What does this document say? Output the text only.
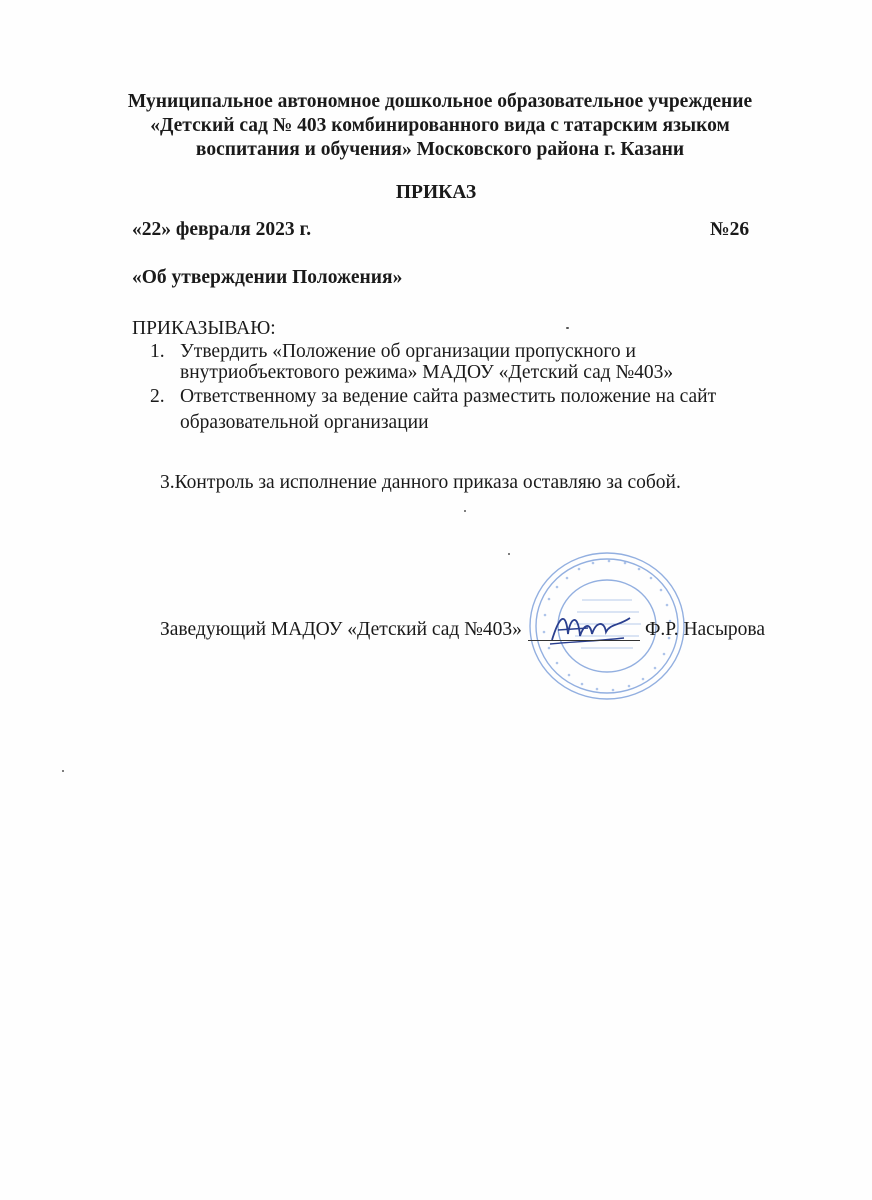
Муниципальное автономное дошкольное образовательное учреждение
«Детский сад № 403 комбинированного вида с татарским языком
воспитания и обучения» Московского района г. Казани
ПРИКАЗ
«22» февраля 2023 г.	№26
«Об утверждении Положения»
ПРИКАЗЫВАЮ:
1. Утвердить «Положение об организации пропускного и
внутриобъектового режима» МАДОУ «Детский сад №403»
2. Ответственному за ведение сайта разместить положение на сайт
образовательной организации
3.Контроль за исполнение данного приказа оставляю за собой.
Заведующий МАДОУ «Детский сад №403»	Ф.Р. Насырова
